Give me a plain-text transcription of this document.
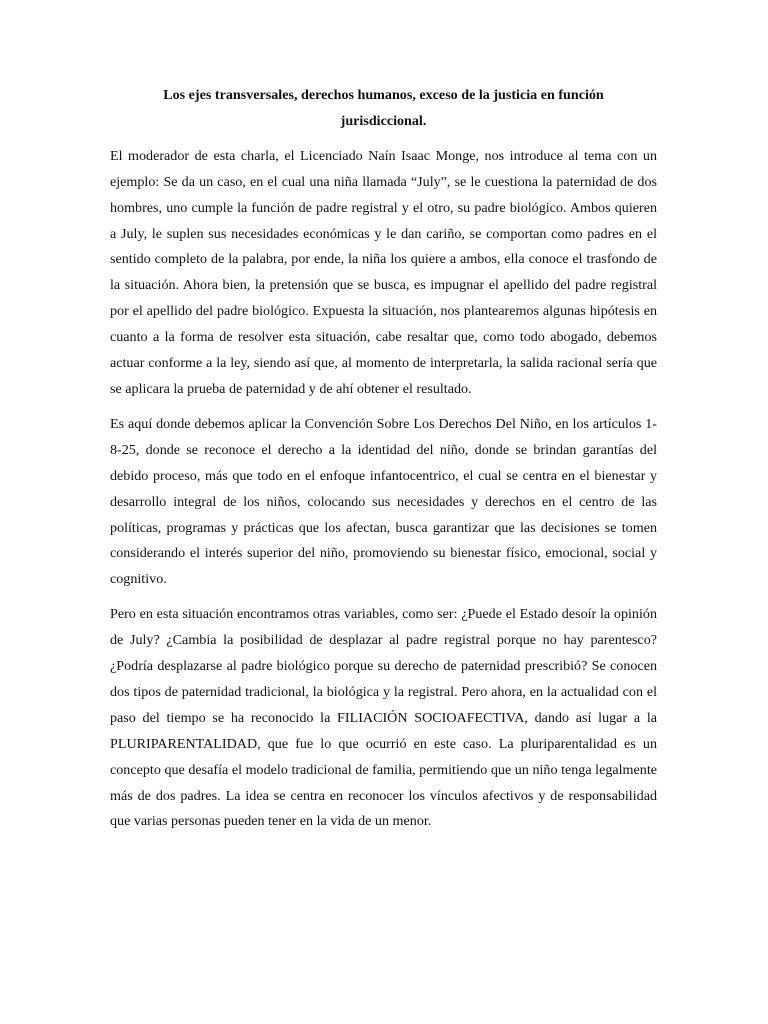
Los ejes transversales, derechos humanos, exceso de la justicia en función jurisdiccional.

El moderador de esta charla, el Licenciado Naín Isaac Monge, nos introduce al tema con un ejemplo: Se da un caso, en el cual una niña llamada “July”, se le cuestiona la paternidad de dos hombres, uno cumple la función de padre registral y el otro, su padre biológico. Ambos quieren a July, le suplen sus necesidades económicas y le dan cariño, se comportan como padres en el sentido completo de la palabra, por ende, la niña los quiere a ambos, ella conoce el trasfondo de la situación. Ahora bien, la pretensión que se busca, es impugnar el apellido del padre registral por el apellido del padre biológico. Expuesta la situación, nos plantearemos algunas hipótesis en cuanto a la forma de resolver esta situación, cabe resaltar que, como todo abogado, debemos actuar conforme a la ley, siendo así que, al momento de interpretarla, la salida racional sería que se aplicara la prueba de paternidad y de ahí obtener el resultado.

Es aquí donde debemos aplicar la Convención Sobre Los Derechos Del Niño, en los artículos 1-8-25, donde se reconoce el derecho a la identidad del niño, donde se brindan garantías del debido proceso, más que todo en el enfoque infantocentrico, el cual se centra en el bienestar y desarrollo integral de los niños, colocando sus necesidades y derechos en el centro de las políticas, programas y prácticas que los afectan, busca garantizar que las decisiones se tomen considerando el interés superior del niño, promoviendo su bienestar físico, emocional, social y cognitivo.

Pero en esta situación encontramos otras variables, como ser: ¿Puede el Estado desoír la opinión de July? ¿Cambia la posibilidad de desplazar al padre registral porque no hay parentesco? ¿Podría desplazarse al padre biológico porque su derecho de paternidad prescribió? Se conocen dos tipos de paternidad tradicional, la biológica y la registral. Pero ahora, en la actualidad con el paso del tiempo se ha reconocido la FILIACIÓN SOCIOAFECTIVA, dando así lugar a la PLURIPARENTALIDAD, que fue lo que ocurrió en este caso. La pluriparentalidad es un concepto que desafía el modelo tradicional de familia, permitiendo que un niño tenga legalmente más de dos padres. La idea se centra en reconocer los vínculos afectivos y de responsabilidad que varias personas pueden tener en la vida de un menor.
